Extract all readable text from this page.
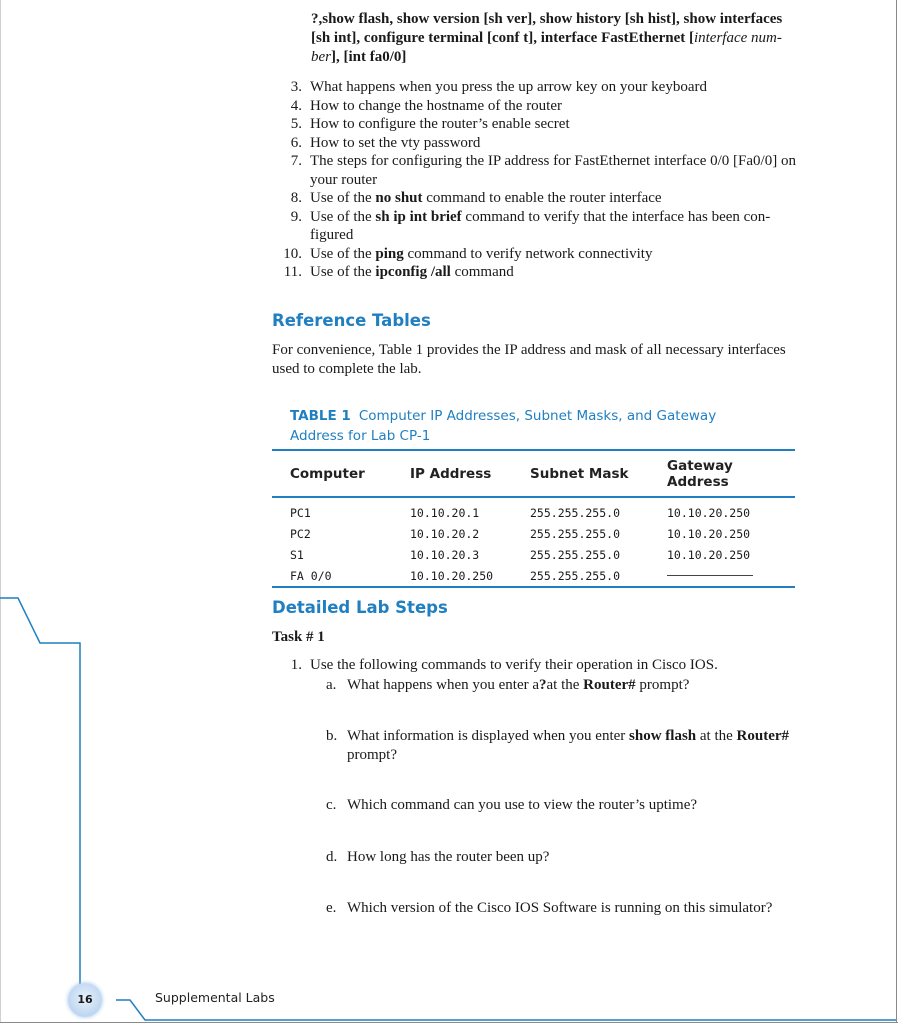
?,show flash, show version [sh ver], show history [sh hist], show interfaces
[sh int], configure terminal [conf t], interface FastEthernet [interface num-
ber], [int fa0/0]
3. What happens when you press the up arrow key on your keyboard
4. How to change the hostname of the router
5. How to configure the router’s enable secret
6. How to set the vty password
7. The steps for configuring the IP address for FastEthernet interface 0/0 [Fa0/0] on your router
8. Use of the no shut command to enable the router interface
9. Use of the sh ip int brief command to verify that the interface has been con-figured
10. Use of the ping command to verify network connectivity
11. Use of the ipconfig /all command
Reference Tables

For convenience, Table 1 provides the IP address and mask of all necessary interfaces used to complete the lab.

TABLE 1 Computer IP Addresses, Subnet Masks, and Gateway
Address for Lab CP-1
Computer	IP Address	Subnet Mask	Gateway Address
PC1	10.10.20.1	255.255.255.0	10.10.20.250
PC2	10.10.20.2	255.255.255.0	10.10.20.250
S1	10.10.20.3	255.255.255.0	10.10.20.250
FA 0/0	10.10.20.250	255.255.255.0	
Detailed Lab Steps

Task # 1

1. Use the following commands to verify their operation in Cisco IOS.
a. What happens when you enter a?at the Router# prompt?
b. What information is displayed when you enter show flash at the Router# prompt?
c. Which command can you use to view the router’s uptime?
d. How long has the router been up?
e. Which version of the Cisco IOS Software is running on this simulator?
16	Supplemental Labs
